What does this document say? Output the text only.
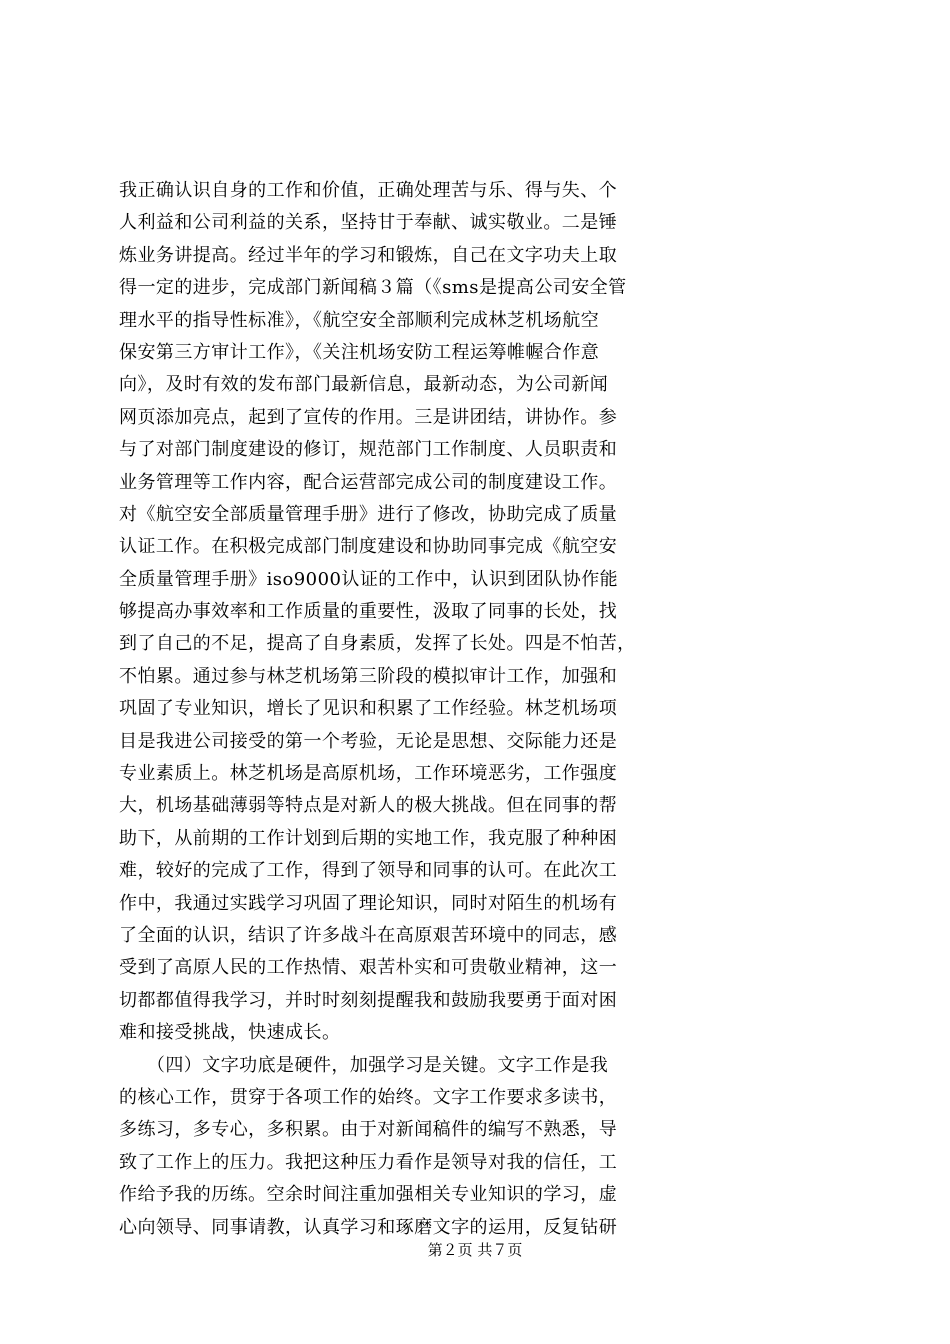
我正确认识自身的工作和价值，正确处理苦与乐、得与失、个
人利益和公司利益的关系，坚持甘于奉献、诚实敬业。二是锤
炼业务讲提高。经过半年的学习和锻炼，自己在文字功夫上取
得一定的进步，完成部门新闻稿３篇（《sms是提高公司安全管
理水平的指导性标准》，《航空安全部顺利完成林芝机场航空
保安第三方审计工作》，《关注机场安防工程运筹帷幄合作意
向》，及时有效的发布部门最新信息，最新动态，为公司新闻
网页添加亮点，起到了宣传的作用。三是讲团结，讲协作。参
与了对部门制度建设的修订，规范部门工作制度、人员职责和
业务管理等工作内容，配合运营部完成公司的制度建设工作。
对《航空安全部质量管理手册》进行了修改，协助完成了质量
认证工作。在积极完成部门制度建设和协助同事完成《航空安
全质量管理手册》iso9000认证的工作中，认识到团队协作能
够提高办事效率和工作质量的重要性，汲取了同事的长处，找
到了自己的不足，提高了自身素质，发挥了长处。四是不怕苦，
不怕累。通过参与林芝机场第三阶段的模拟审计工作，加强和
巩固了专业知识，增长了见识和积累了工作经验。林芝机场项
目是我进公司接受的第一个考验，无论是思想、交际能力还是
专业素质上。林芝机场是高原机场，工作环境恶劣，工作强度
大，机场基础薄弱等特点是对新人的极大挑战。但在同事的帮
助下，从前期的工作计划到后期的实地工作，我克服了种种困
难，较好的完成了工作，得到了领导和同事的认可。在此次工
作中，我通过实践学习巩固了理论知识，同时对陌生的机场有
了全面的认识，结识了许多战斗在高原艰苦环境中的同志，感
受到了高原人民的工作热情、艰苦朴实和可贵敬业精神，这一
切都都值得我学习，并时时刻刻提醒我和鼓励我要勇于面对困
难和接受挑战，快速成长。
　　（四）文字功底是硬件，加强学习是关键。文字工作是我
的核心工作，贯穿于各项工作的始终。文字工作要求多读书，
多练习，多专心，多积累。由于对新闻稿件的编写不熟悉，导
致了工作上的压力。我把这种压力看作是领导对我的信任，工
作给予我的历练。空余时间注重加强相关专业知识的学习，虚
心向领导、同事请教，认真学习和琢磨文字的运用，反复钻研
第２页 共７页
